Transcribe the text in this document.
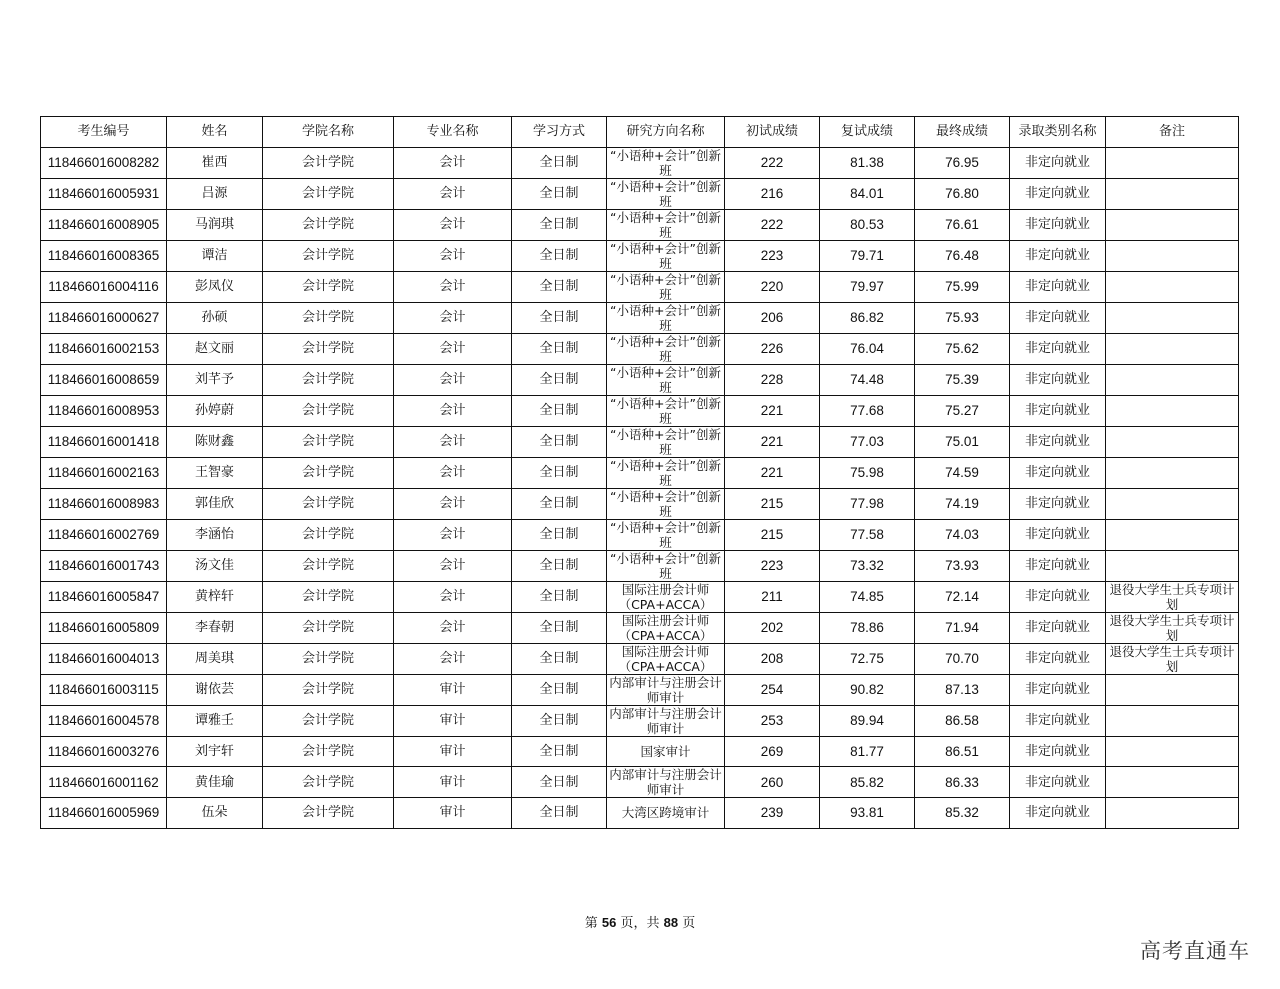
考生编号	姓名	学院名称	专业名称	学习方式	研究方向名称	初试成绩	复试成绩	最终成绩	录取类别名称	备注
118466016008282	崔西	会计学院	会计	全日制	“小语种+会计”创新班	222	81.38	76.95	非定向就业	
118466016005931	吕源	会计学院	会计	全日制	“小语种+会计”创新班	216	84.01	76.80	非定向就业	
118466016008905	马润琪	会计学院	会计	全日制	“小语种+会计”创新班	222	80.53	76.61	非定向就业	
118466016008365	谭洁	会计学院	会计	全日制	“小语种+会计”创新班	223	79.71	76.48	非定向就业	
118466016004116	彭凤仪	会计学院	会计	全日制	“小语种+会计”创新班	220	79.97	75.99	非定向就业	
118466016000627	孙硕	会计学院	会计	全日制	“小语种+会计”创新班	206	86.82	75.93	非定向就业	
118466016002153	赵文丽	会计学院	会计	全日制	“小语种+会计”创新班	226	76.04	75.62	非定向就业	
118466016008659	刘芊予	会计学院	会计	全日制	“小语种+会计”创新班	228	74.48	75.39	非定向就业	
118466016008953	孙婷蔚	会计学院	会计	全日制	“小语种+会计”创新班	221	77.68	75.27	非定向就业	
118466016001418	陈财鑫	会计学院	会计	全日制	“小语种+会计”创新班	221	77.03	75.01	非定向就业	
118466016002163	王智豪	会计学院	会计	全日制	“小语种+会计”创新班	221	75.98	74.59	非定向就业	
118466016008983	郭佳欣	会计学院	会计	全日制	“小语种+会计”创新班	215	77.98	74.19	非定向就业	
118466016002769	李涵怡	会计学院	会计	全日制	“小语种+会计”创新班	215	77.58	74.03	非定向就业	
118466016001743	汤文佳	会计学院	会计	全日制	“小语种+会计”创新班	223	73.32	73.93	非定向就业	
118466016005847	黄梓轩	会计学院	会计	全日制	国际注册会计师（CPA+ACCA）	211	74.85	72.14	非定向就业	退役大学生士兵专项计划
118466016005809	李春朝	会计学院	会计	全日制	国际注册会计师（CPA+ACCA）	202	78.86	71.94	非定向就业	退役大学生士兵专项计划
118466016004013	周美琪	会计学院	会计	全日制	国际注册会计师（CPA+ACCA）	208	72.75	70.70	非定向就业	退役大学生士兵专项计划
118466016003115	谢依芸	会计学院	审计	全日制	内部审计与注册会计师审计	254	90.82	87.13	非定向就业	
118466016004578	谭雅壬	会计学院	审计	全日制	内部审计与注册会计师审计	253	89.94	86.58	非定向就业	
118466016003276	刘宇轩	会计学院	审计	全日制	国家审计	269	81.77	86.51	非定向就业	
118466016001162	黄佳瑜	会计学院	审计	全日制	内部审计与注册会计师审计	260	85.82	86.33	非定向就业	
118466016005969	伍朵	会计学院	审计	全日制	大湾区跨境审计	239	93.81	85.32	非定向就业	
第 56 页，共 88 页
高考直通车
